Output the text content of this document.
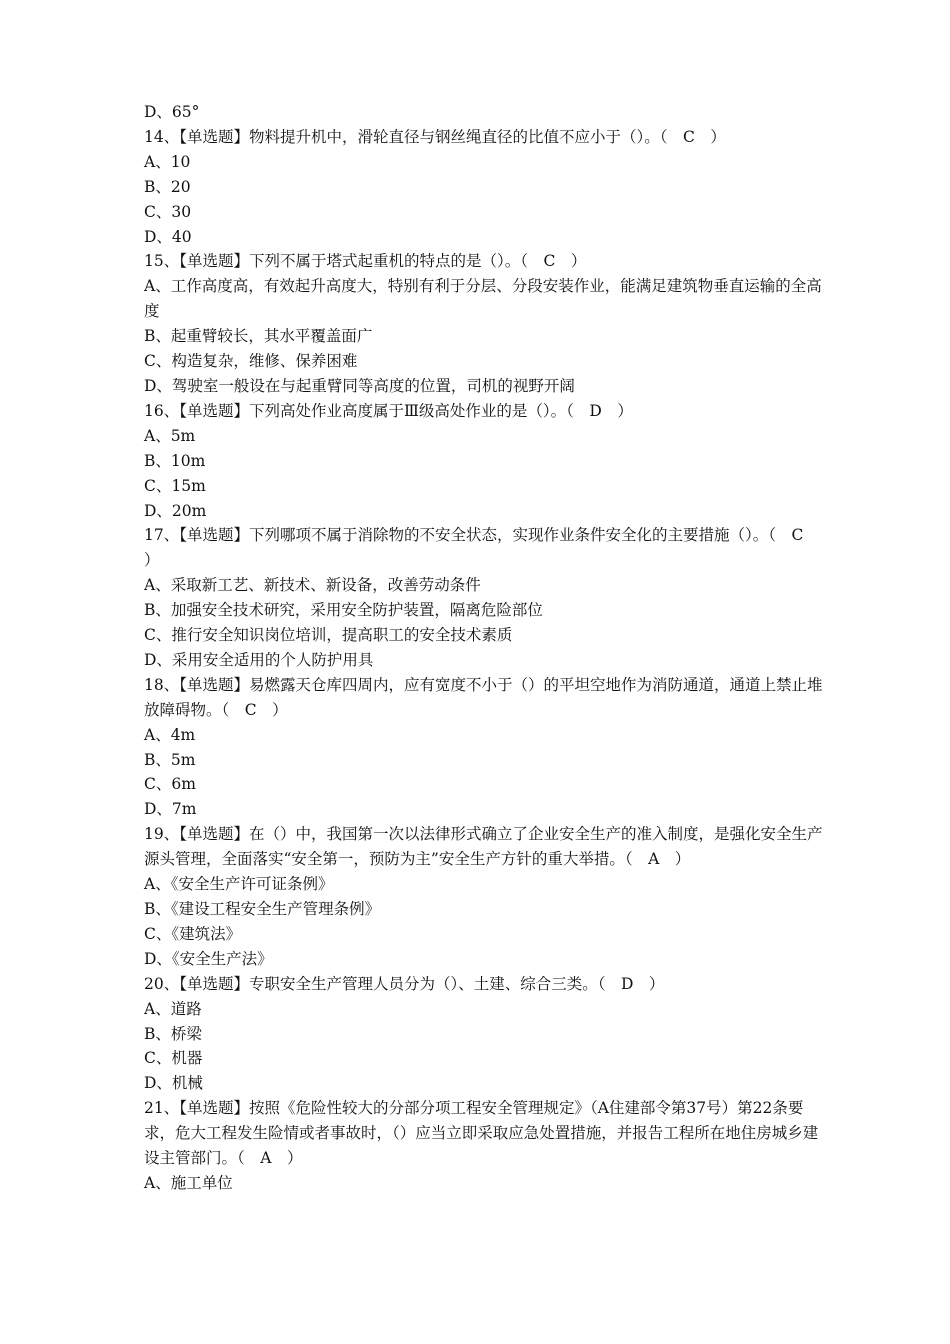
D、65°
14、【单选题】物料提升机中，滑轮直径与钢丝绳直径的比值不应小于（）。（　C　）
A、10
B、20
C、30
D、40
15、【单选题】下列不属于塔式起重机的特点的是（）。（　C　）
A、工作高度高，有效起升高度大，特别有利于分层、分段安装作业，能满足建筑物垂直运输的全高度
B、起重臂较长，其水平覆盖面广
C、构造复杂，维修、保养困难
D、驾驶室一般设在与起重臂同等高度的位置，司机的视野开阔
16、【单选题】下列高处作业高度属于Ⅲ级高处作业的是（）。（　D　）
A、5m
B、10m
C、15m
D、20m
17、【单选题】下列哪项不属于消除物的不安全状态，实现作业条件安全化的主要措施（）。（　C　）
A、采取新工艺、新技术、新设备，改善劳动条件
B、加强安全技术研究，采用安全防护装置，隔离危险部位
C、推行安全知识岗位培训，提高职工的安全技术素质
D、采用安全适用的个人防护用具
18、【单选题】易燃露天仓库四周内，应有宽度不小于（）的平坦空地作为消防通道，通道上禁止堆放障碍物。（　C　）
A、4m
B、5m
C、6m
D、7m
19、【单选题】在（）中，我国第一次以法律形式确立了企业安全生产的准入制度，是强化安全生产源头管理，全面落实“安全第一，预防为主”安全生产方针的重大举措。（　A　）
A、《安全生产许可证条例》
B、《建设工程安全生产管理条例》
C、《建筑法》
D、《安全生产法》
20、【单选题】专职安全生产管理人员分为（）、土建、综合三类。（　D　）
A、道路
B、桥梁
C、机器
D、机械
21、【单选题】按照《危险性较大的分部分项工程安全管理规定》（A住建部令第37号）第22条要求，危大工程发生险情或者事故时，（）应当立即采取应急处置措施，并报告工程所在地住房城乡建设主管部门。（　A　）
A、施工单位
